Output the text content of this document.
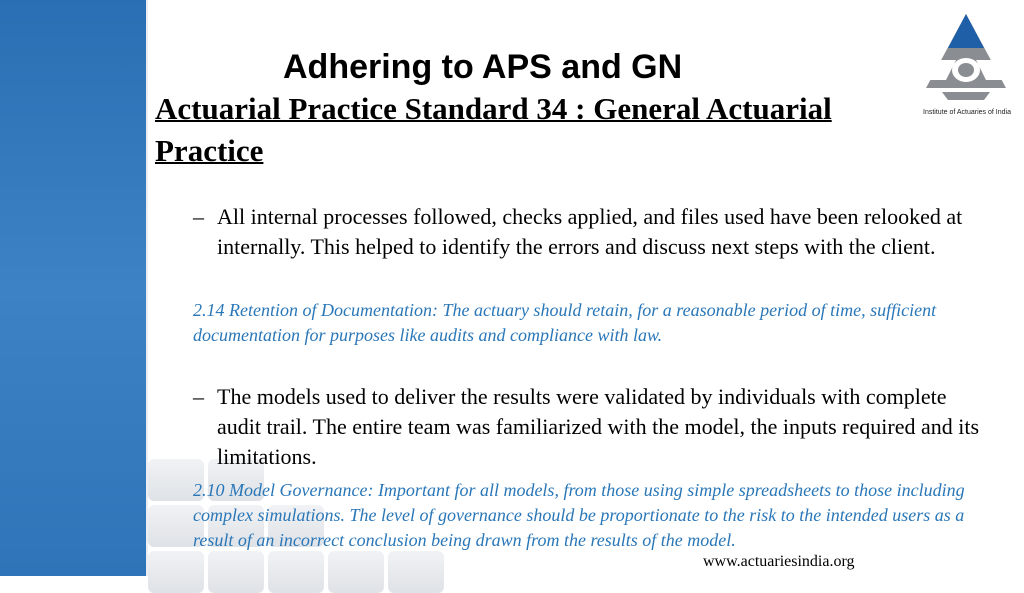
Adhering to APS and GN
Actuarial Practice Standard 34 : General Actuarial Practice
Institute of Actuaries of India
– All internal processes followed, checks applied, and files used have been relooked at internally. This helped to identify the errors and discuss next steps with the client.
2.14 Retention of Documentation: The actuary should retain, for a reasonable period of time, sufficient documentation for purposes like audits and compliance with law.
– The models used to deliver the results were validated by individuals with complete audit trail. The entire team was familiarized with the model, the inputs required and its limitations.
2.10 Model Governance: Important for all models, from those using simple spreadsheets to those including complex simulations. The level of governance should be proportionate to the risk to the intended users as a result of an incorrect conclusion being drawn from the results of the model.
www.actuariesindia.org
